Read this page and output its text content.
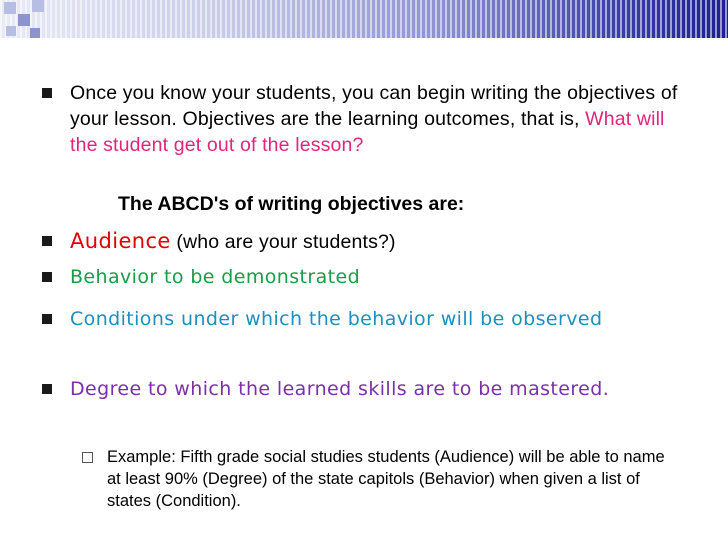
Once you know your students, you can begin writing the objectives of your lesson. Objectives are the learning outcomes, that is, What will the student get out of the lesson?
The ABCD's of writing objectives are:
Audience (who are your students?)
Behavior to be demonstrated
Conditions under which the behavior will be observed
Degree to which the learned skills are to be mastered.
Example: Fifth grade social studies students (Audience) will be able to name at least 90% (Degree) of the state capitols (Behavior) when given a list of states (Condition).
